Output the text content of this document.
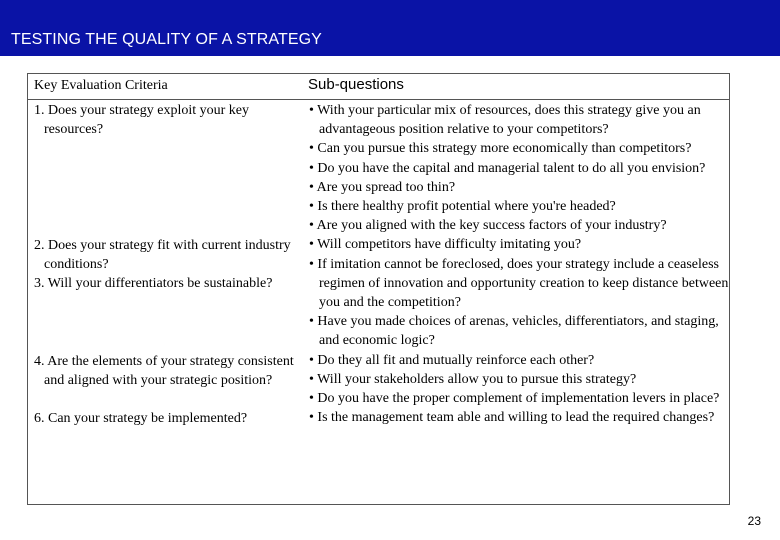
TESTING THE QUALITY OF A STRATEGY
Key Evaluation Criteria	Sub-questions

1. Does your strategy exploit your key resources?

2. Does your strategy fit with current industry conditions?

3. Will your differentiators be sustainable?

4. Are the elements of your strategy consistent and aligned with your strategic position?

6. Can your strategy be implemented?

• With your particular mix of resources, does this strategy give you an advantageous position relative to your competitors?

• Can you pursue this strategy more economically than competitors?

• Do you have the capital and managerial talent to do all you envision?

• Are you spread too thin?

• Is there healthy profit potential where you're headed?

• Are you aligned with the key success factors of your industry?

• Will competitors have difficulty imitating you?

• If imitation cannot be foreclosed, does your strategy include a ceaseless regimen of innovation and opportunity creation to keep distance between you and the competition?

• Have you made choices of arenas, vehicles, differentiators, and staging, and economic logic?

• Do they all fit and mutually reinforce each other?

• Will your stakeholders allow you to pursue this strategy?

• Do you have the proper complement of implementation levers in place?

• Is the management team able and willing to lead the required changes?

23
